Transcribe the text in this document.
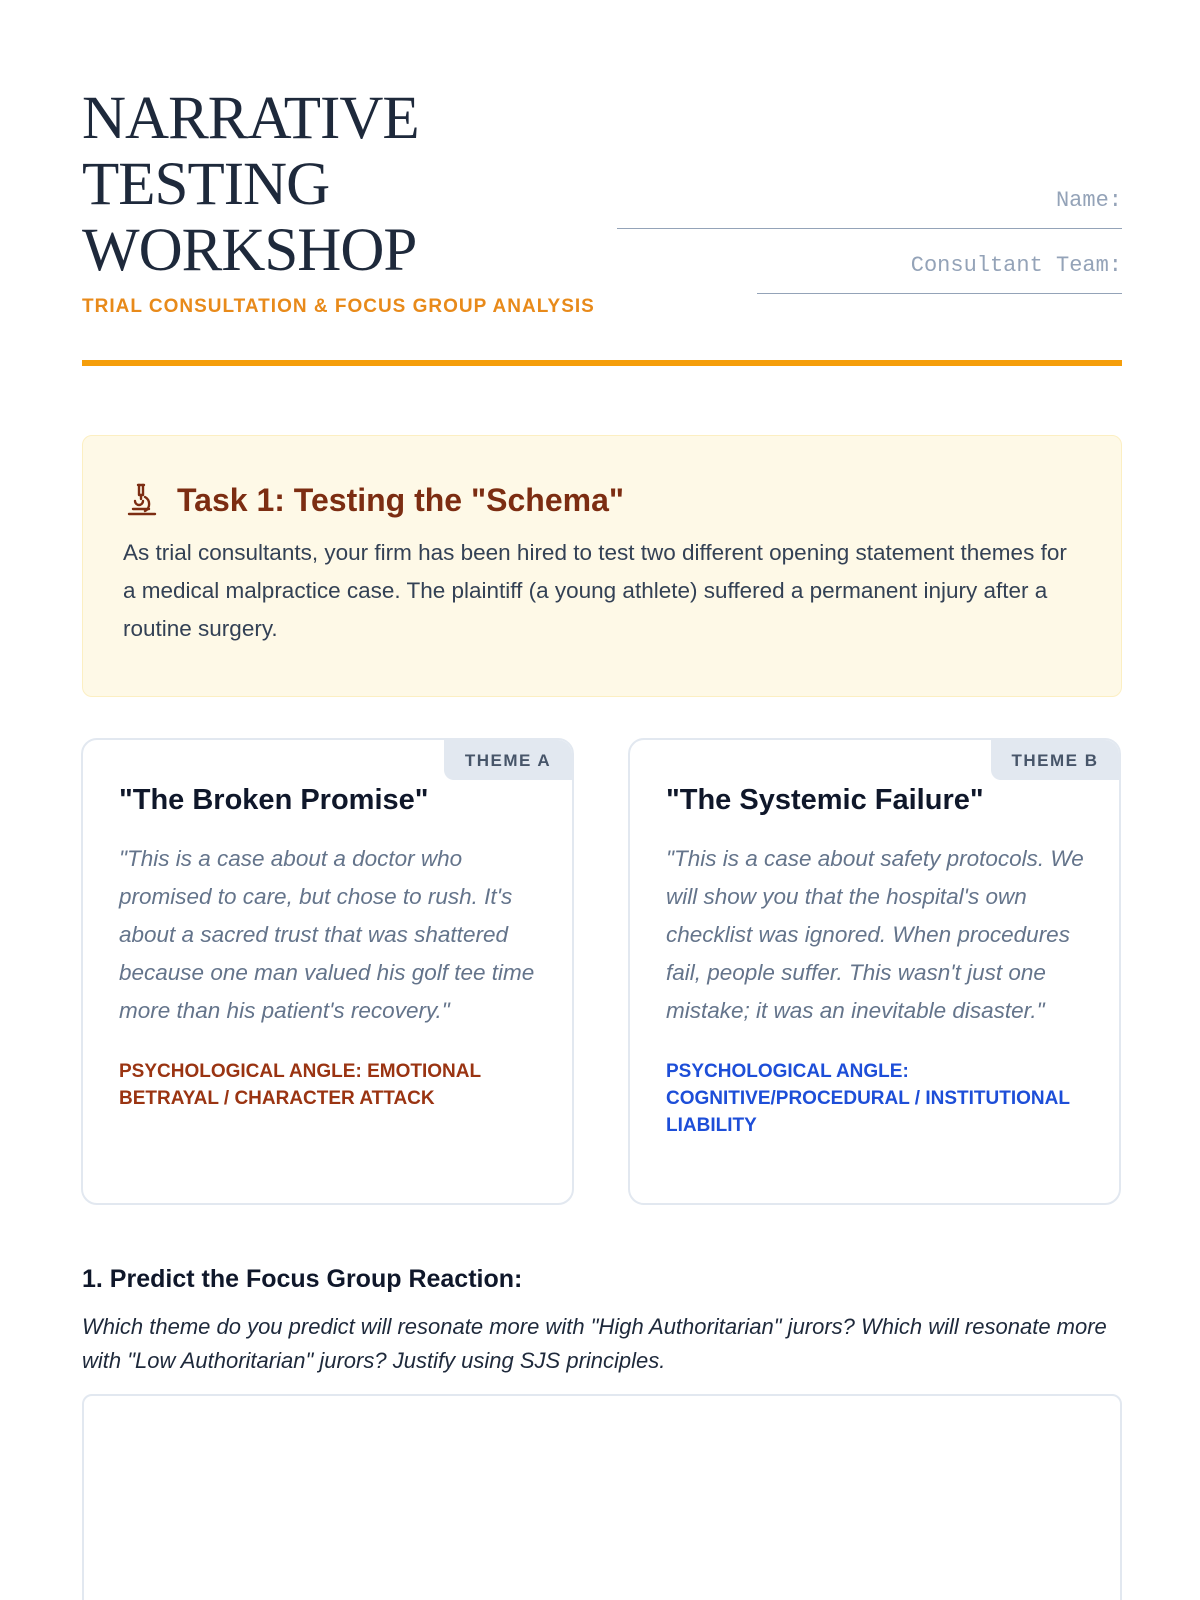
NARRATIVE
TESTING
WORKSHOP
TRIAL CONSULTATION & FOCUS GROUP ANALYSIS
Name:
Consultant Team:
Task 1: Testing the "Schema"

As trial consultants, your firm has been hired to test two different opening statement themes for a medical malpractice case. The plaintiff (a young athlete) suffered a permanent injury after a routine surgery.

THEME A
"The Broken Promise"

"This is a case about a doctor who promised to care, but chose to rush. It's about a sacred trust that was shattered because one man valued his golf tee time more than his patient's recovery."

PSYCHOLOGICAL ANGLE: EMOTIONAL BETRAYAL / CHARACTER ATTACK

THEME B
"The Systemic Failure"

"This is a case about safety protocols. We will show you that the hospital's own checklist was ignored. When procedures fail, people suffer. This wasn't just one mistake; it was an inevitable disaster."

PSYCHOLOGICAL ANGLE: COGNITIVE/PROCEDURAL / INSTITUTIONAL LIABILITY

1. Predict the Focus Group Reaction:

Which theme do you predict will resonate more with "High Authoritarian" jurors? Which will resonate more with "Low Authoritarian" jurors? Justify using SJS principles.
